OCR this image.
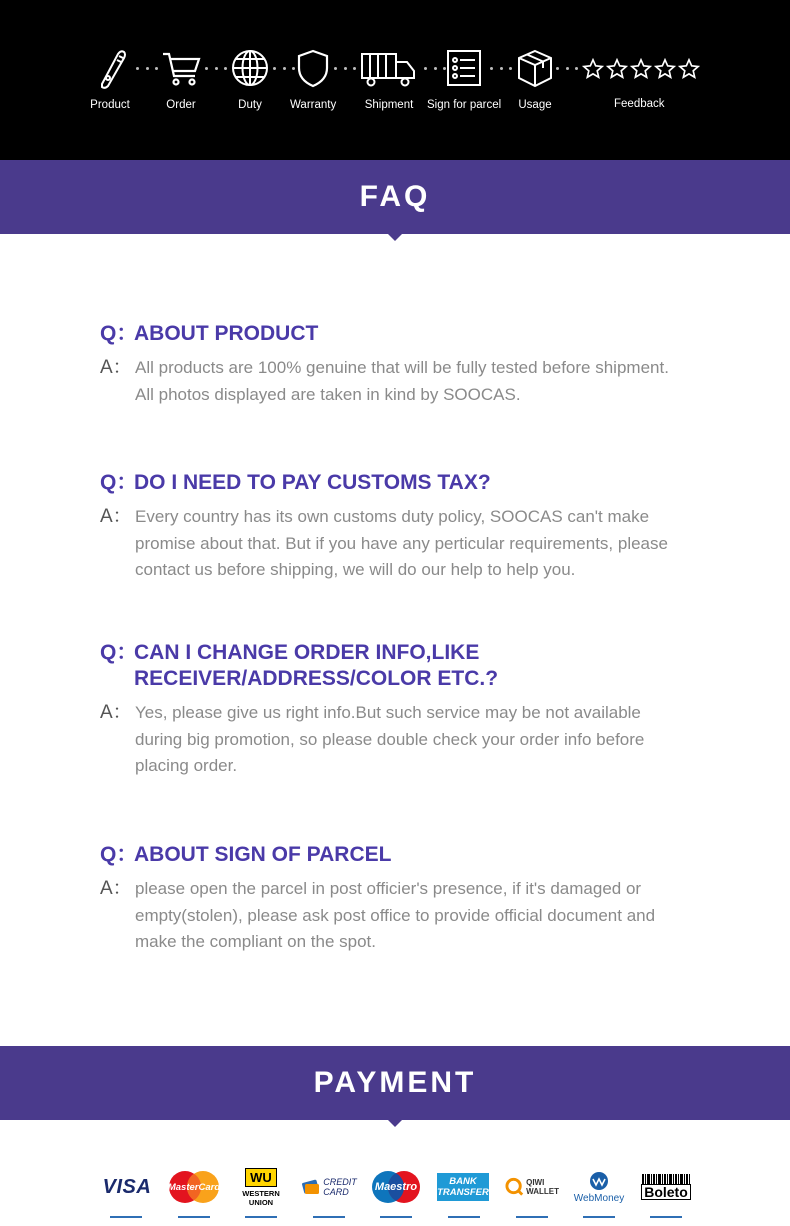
Product	Order	Duty Warranty Shipment Sign for parcel Usage	Feedback
FAQ
Q：
ABOUT PRODUCT
A： All products are 100% genuine that will be fully tested before shipment. All photos displayed are taken in kind by SOOCAS.
Q：
DO I NEED TO PAY CUSTOMS TAX?
A： Every country has its own customs duty policy, SOOCAS can't make promise about that. But if you have any perticular requirements, please contact us before shipping, we will do our help to help you.
Q：
CAN I CHANGE ORDER INFO,LIKE RECEIVER/ADDRESS/COLOR ETC.?
A： Yes, please give us right info.But such service may be not available during big promotion, so please double check your order info before placing order.
Q：
ABOUT SIGN OF PARCEL
A： please open the parcel in post officier's presence, if it's damaged or empty(stolen), please ask post office to provide official document and make the compliant on the spot.
PAYMENT
VISA MasterCard
WU
WESTERN
UNION
CREDIT
CARD	Maestro	BANK
TRANSFER
QIWI
WALLET
WebMoney Boleto
